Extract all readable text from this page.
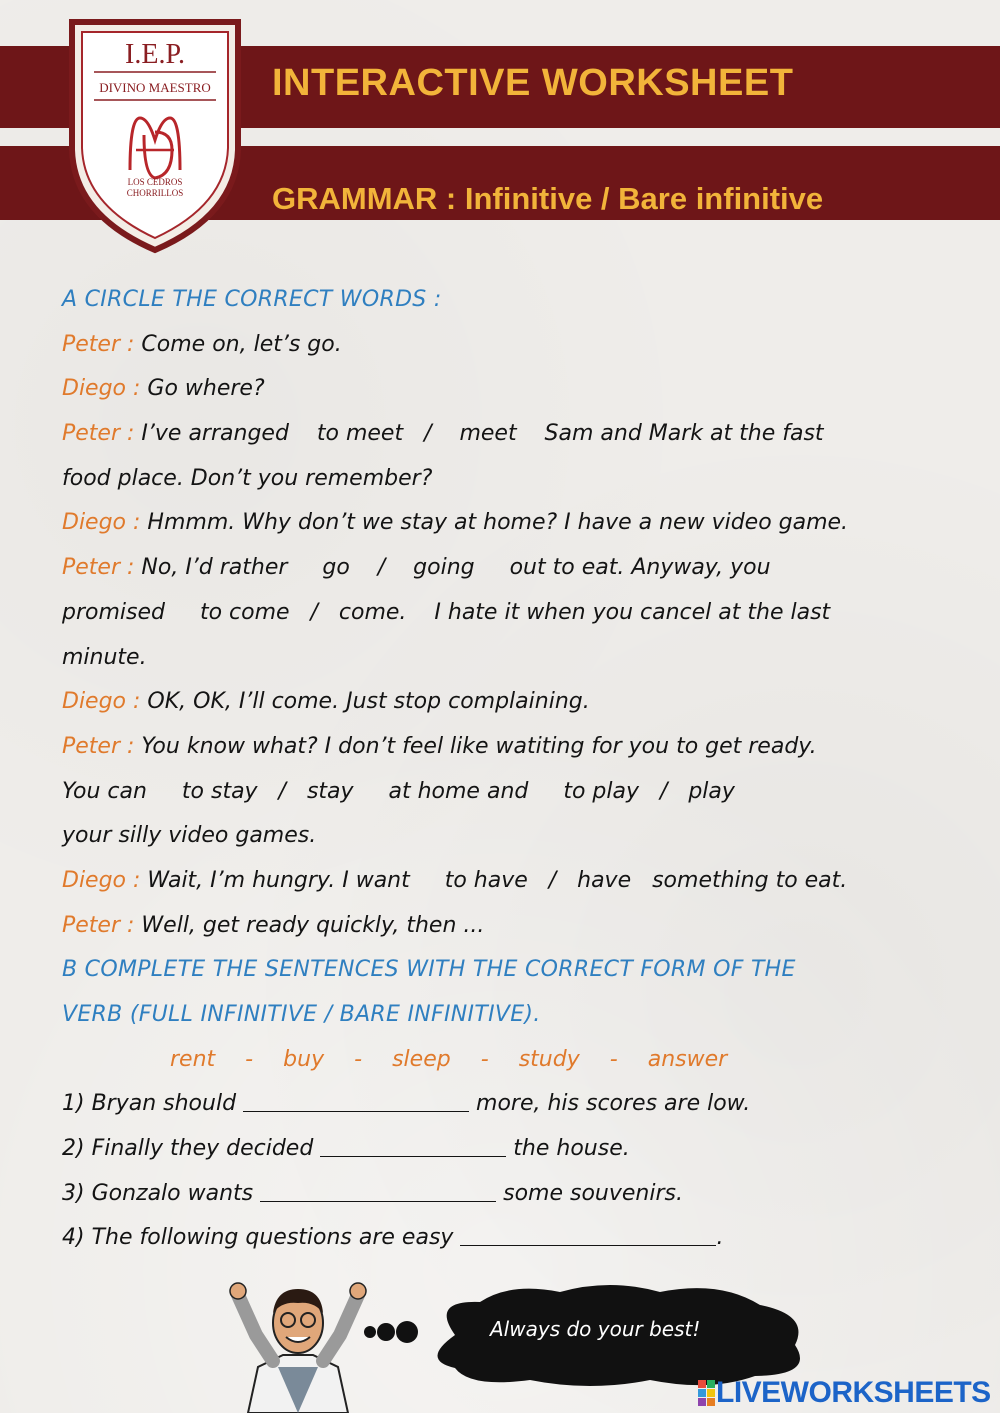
I.E.P.
DIVINO MAESTRO
LOS CEDROS
CHORRILLOS
INTERACTIVE WORKSHEET
GRAMMAR : Infinitive / Bare infinitive
A CIRCLE THE CORRECT WORDS :
Peter : Come on, let’s go.
Diego : Go where?
Peter : I’ve arranged    to meet   /    meet    Sam and Mark at the fast
food place. Don’t you remember?
Diego : Hmmm. Why don’t we stay at home? I have a new video game.
Peter : No, I’d rather     go    /    going     out to eat. Anyway, you
promised     to come   /   come.    I hate it when you cancel at the last
minute.
Diego : OK, OK, I’ll come. Just stop complaining.
Peter : You know what? I don’t feel like watiting for you to get ready.
You can     to stay   /   stay     at home and     to play   /   play
your silly video games.
Diego : Wait, I’m hungry. I want     to have   /   have   something to eat.
Peter : Well, get ready quickly, then ...
B COMPLETE THE SENTENCES WITH THE CORRECT FORM OF THE
VERB (FULL INFINITIVE / BARE INFINITIVE).
rent - buy - sleep - study - answer
1) Bryan should	more, his scores are low.
2) Finally they decided	the house.
3) Gonzalo wants	some souvenirs.
4) The following questions are easy	.
Always do your best!
LIVEWORKSHEETS
